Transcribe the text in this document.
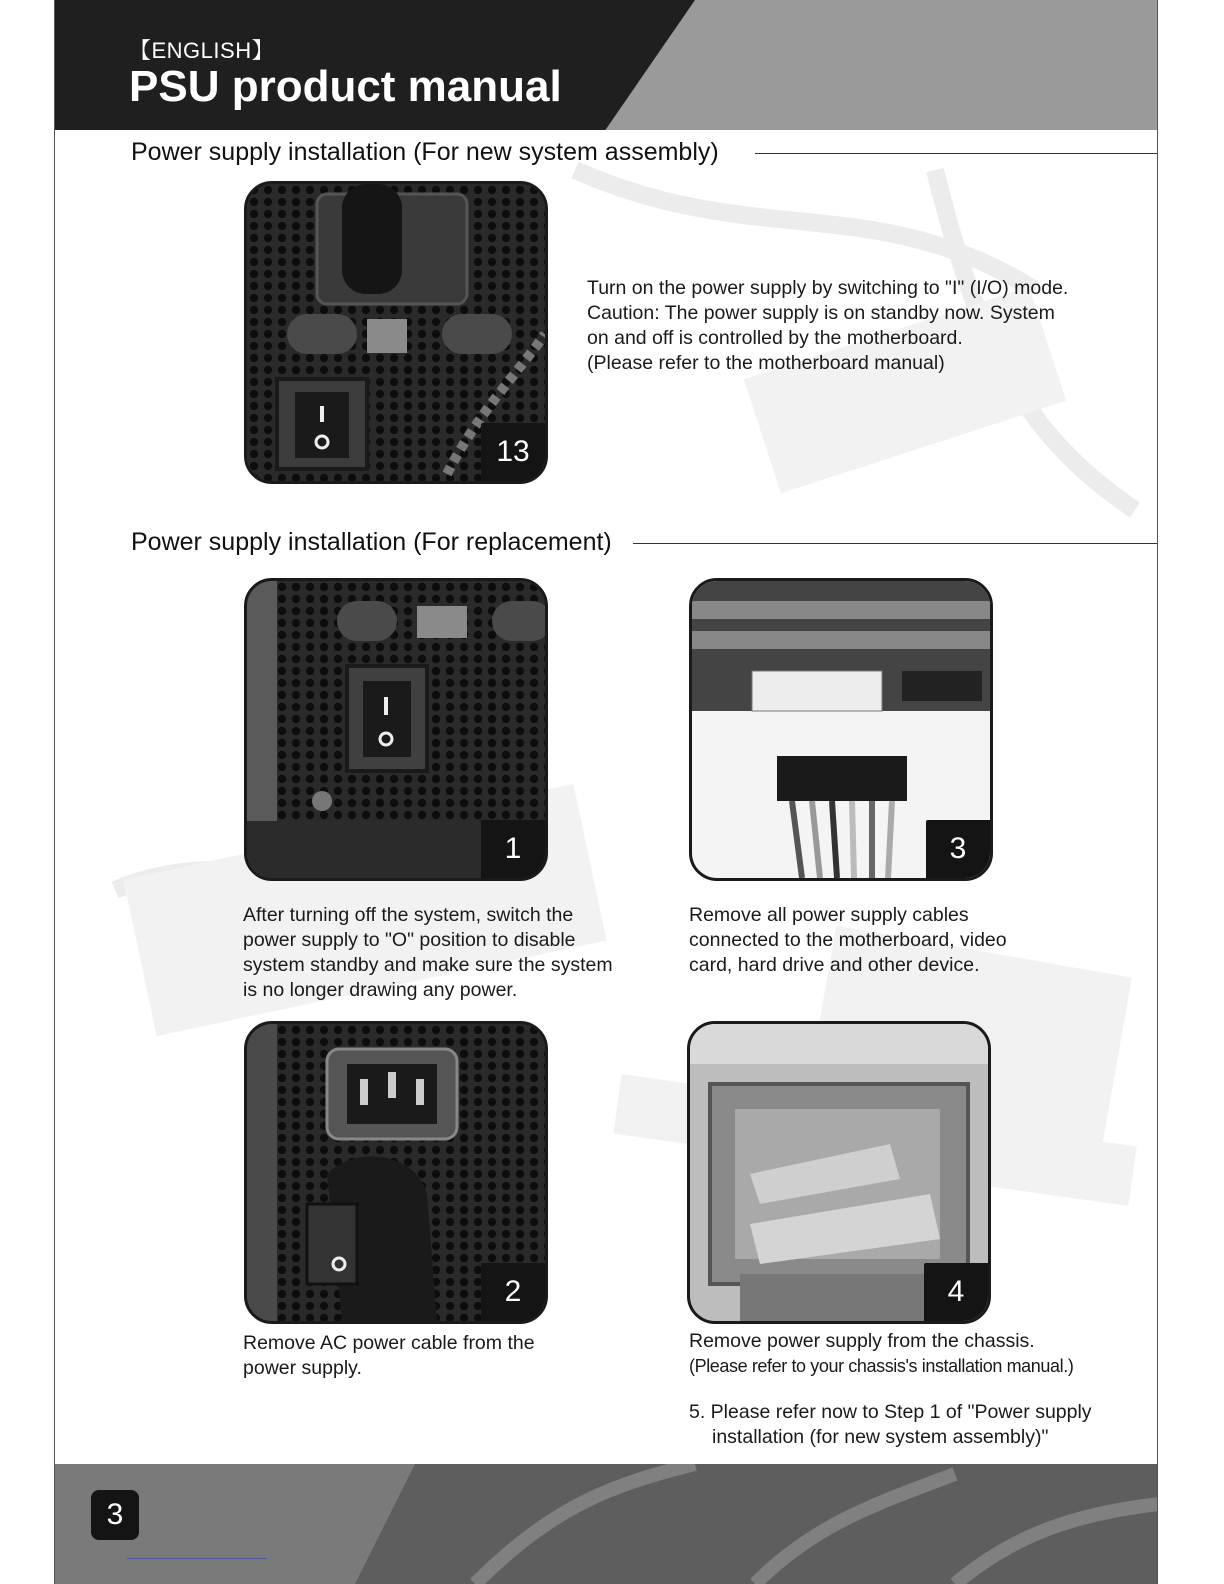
【ENGLISH】
PSU product manual
Power supply installation (For new system assembly)
13

Turn on the power supply by switching to "I" (I/O) mode.

Caution: The power supply is on standby now. System

on and off is controlled by the motherboard.

(Please refer to the motherboard manual)

Power supply installation (For replacement)
1	3

After turning off the system, switch the

power supply to "O" position to disable

system standby and make sure the system

is no longer drawing any power.

Remove all power supply cables

connected to the motherboard, video

card, hard drive and other device.

2	4

Remove AC power cable from the

power supply.

Remove power supply from the chassis.

(Please refer to your chassis's installation manual.)

5. Please refer now to Step 1 of "Power supply

installation (for new system assembly)"

3
